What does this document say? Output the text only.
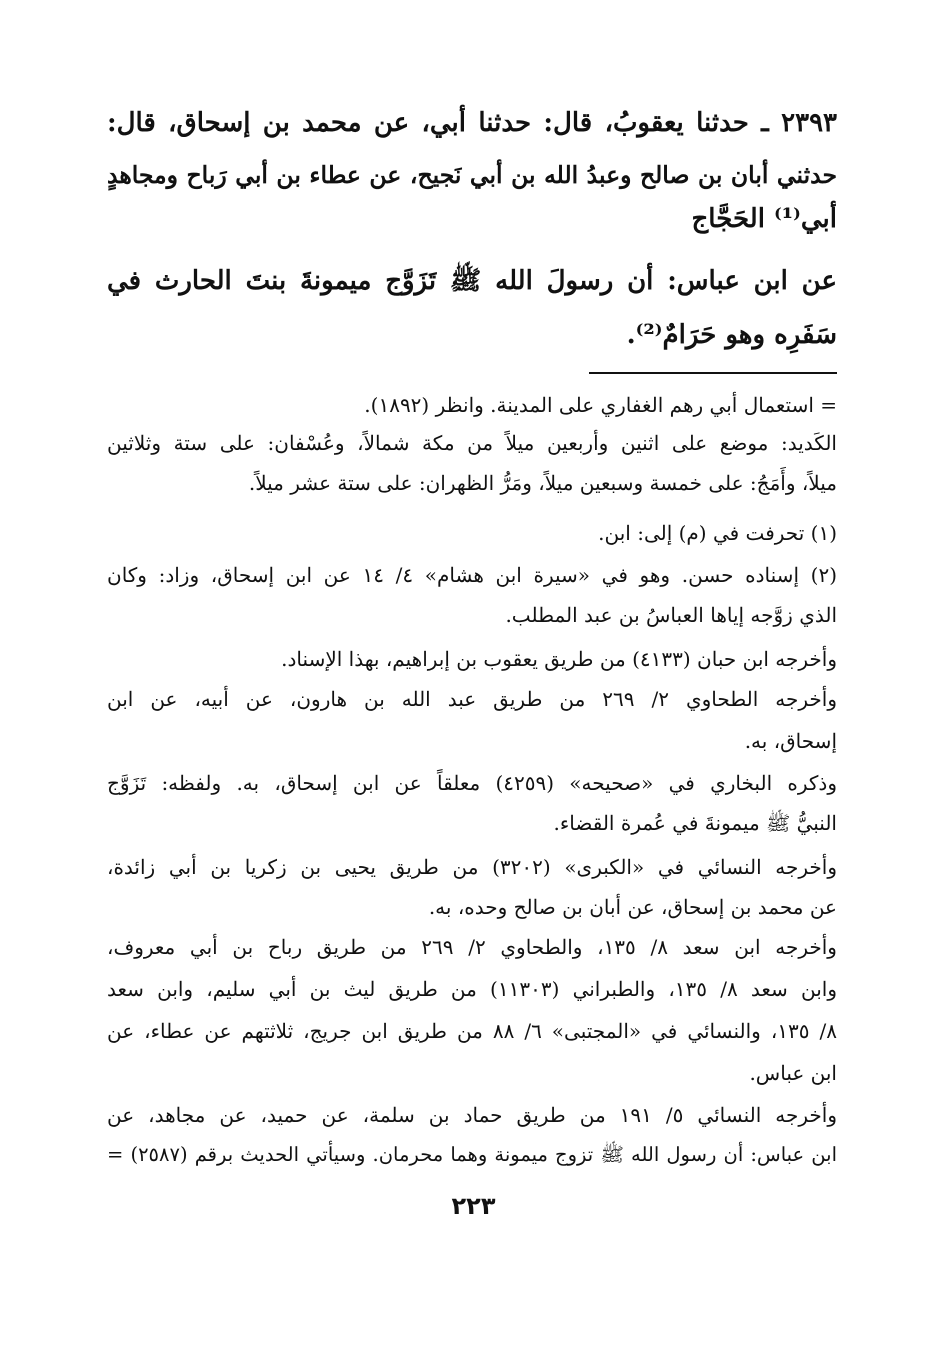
٢٣٩٣ ـ حدثنا يعقوبُ، قال: حدثنا أبي، عن محمد بن إسحاق، قال:
حدثني أبان بن صالح وعبدُ الله بن أبي نَجيح، عن عطاء بن أبي رَباح ومجاهدٍ
أبي⁽¹⁾ الحَجَّاج
عن ابن عباس: أن رسولَ الله ﷺ تَزَوَّج ميمونةَ بنتَ الحارث في
سَفَرِه وهو حَرَامٌ⁽²⁾.
= استعمال أبي رهم الغفاري على المدينة. وانظر (١٨٩٢).
الكَديد: موضع على اثنين وأربعين ميلاً من مكة شمالاً، وعُسْفان: على ستة وثلاثين
ميلاً، وأَمَجُ: على خمسة وسبعين ميلاً، ومَرُّ الظهران: على ستة عشر ميلاً.
(١) تحرفت في (م) إلى: ابن.
(٢) إسناده حسن. وهو في «سيرة ابن هشام» ٤/ ١٤ عن ابن إسحاق، وزاد: وكان
الذي زوَّجه إياها العباسُ بن عبد المطلب.
وأخرجه ابن حبان (٤١٣٣) من طريق يعقوب بن إبراهيم، بهذا الإسناد.
وأخرجه الطحاوي ٢/ ٢٦٩ من طريق عبد الله بن هارون، عن أبيه، عن ابن
إسحاق، به.
وذكره البخاري في «صحيحه» (٤٢٥٩) معلقاً عن ابن إسحاق، به. ولفظه: تَزَوَّج
النبيُّ ﷺ ميمونةَ في عُمرة القضاء.
وأخرجه النسائي في «الكبرى» (٣٢٠٢) من طريق يحيى بن زكريا بن أبي زائدة،
عن محمد بن إسحاق، عن أبان بن صالح وحده، به.
وأخرجه ابن سعد ٨/ ١٣٥، والطحاوي ٢/ ٢٦٩ من طريق رباح بن أبي معروف،
وابن سعد ٨/ ١٣٥، والطبراني (١١٣٠٣) من طريق ليث بن أبي سليم، وابن سعد
٨/ ١٣٥، والنسائي في «المجتبى» ٦/ ٨٨ من طريق ابن جريج، ثلاثتهم عن عطاء، عن
ابن عباس.
وأخرجه النسائي ٥/ ١٩١ من طريق حماد بن سلمة، عن حميد، عن مجاهد، عن
ابن عباس: أن رسول الله ﷺ تزوج ميمونة وهما محرمان. وسيأتي الحديث برقم (٢٥٨٧) =
٢٢٣
